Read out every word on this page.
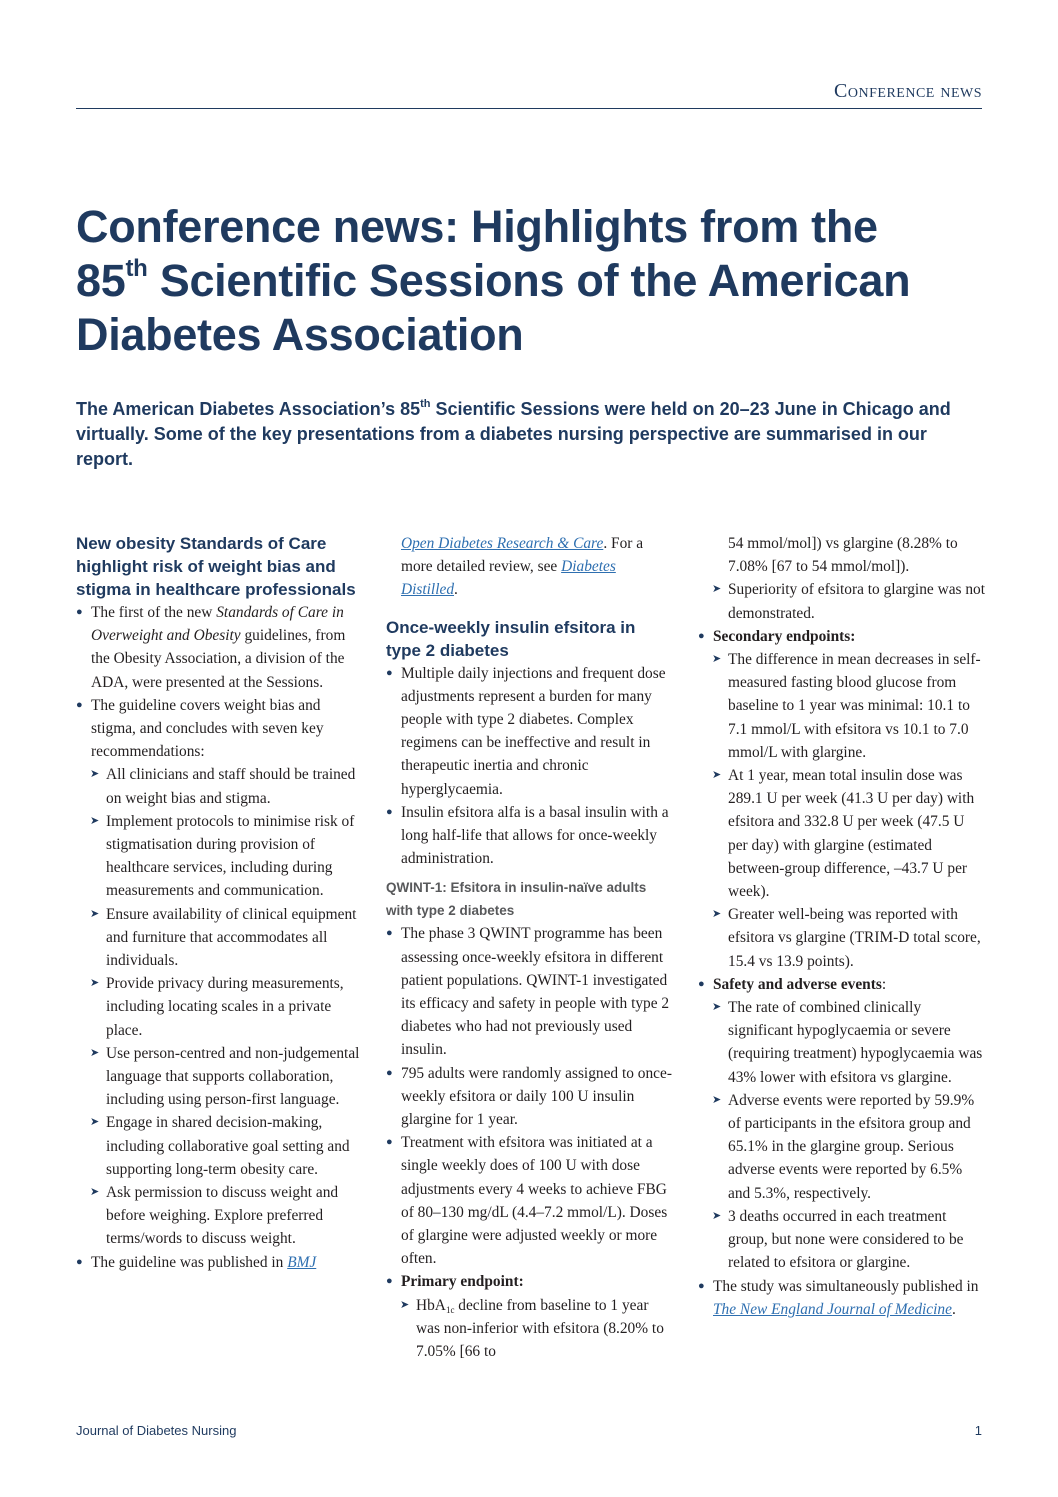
Conference news
Conference news: Highlights from the
85th Scientific Sessions of the American
Diabetes Association

The American Diabetes Association’s 85th Scientific Sessions were held on 20–23 June in Chicago and virtually. Some of the key presentations from a diabetes nursing perspective are summarised in our report.

New obesity Standards of Care highlight risk of weight bias and stigma in healthcare professionals

● The first of the new Standards of Care in Overweight and Obesity guidelines, from the Obesity Association, a division of the ADA, were presented at the Sessions.

● The guideline covers weight bias and stigma, and concludes with seven key recommendations:

➤ All clinicians and staff should be trained on weight bias and stigma.

➤ Implement protocols to minimise risk of stigmatisation during provision of healthcare services, including during measurements and communication.

➤ Ensure availability of clinical equipment and furniture that accommodates all individuals.

➤ Provide privacy during measurements, including locating scales in a private place.

➤ Use person-centred and non-judgemental language that supports collaboration, including using person-first language.

➤ Engage in shared decision-making, including collaborative goal setting and supporting long-term obesity care.

➤ Ask permission to discuss weight and before weighing. Explore preferred terms/words to discuss weight.

● The guideline was published in BMJ

Open Diabetes Research & Care. For a more detailed review, see Diabetes Distilled.

Once-weekly insulin efsitora in type 2 diabetes

● Multiple daily injections and frequent dose adjustments represent a burden for many people with type 2 diabetes. Complex regimens can be ineffective and result in therapeutic inertia and chronic hyperglycaemia.

● Insulin efsitora alfa is a basal insulin with a long half-life that allows for once-weekly administration.

QWINT-1: Efsitora in insulin-naïve adults with type 2 diabetes

● The phase 3 QWINT programme has been assessing once-weekly efsitora in different patient populations. QWINT-1 investigated its efficacy and safety in people with type 2 diabetes who had not previously used insulin.

● 795 adults were randomly assigned to once-weekly efsitora or daily 100 U insulin glargine for 1 year.

● Treatment with efsitora was initiated at a single weekly does of 100 U with dose adjustments every 4 weeks to achieve FBG of 80–130 mg/dL (4.4–7.2 mmol/L). Doses of glargine were adjusted weekly or more often.

● Primary endpoint:

➤ HbA$_{1c}$ decline from baseline to 1 year was non-inferior with efsitora (8.20% to 7.05% [66 to

54 mmol/mol]) vs glargine (8.28% to 7.08% [67 to 54 mmol/mol]).

➤ Superiority of efsitora to glargine was not demonstrated.

● Secondary endpoints:

➤ The difference in mean decreases in self-measured fasting blood glucose from baseline to 1 year was minimal: 10.1 to 7.1 mmol/L with efsitora vs 10.1 to 7.0 mmol/L with glargine.

➤ At 1 year, mean total insulin dose was 289.1 U per week (41.3 U per day) with efsitora and 332.8 U per week (47.5 U per day) with glargine (estimated between-group difference, –43.7 U per week).

➤ Greater well-being was reported with efsitora vs glargine (TRIM-D total score, 15.4 vs 13.9 points).

● Safety and adverse events:

➤ The rate of combined clinically significant hypoglycaemia or severe (requiring treatment) hypoglycaemia was 43% lower with efsitora vs glargine.

➤ Adverse events were reported by 59.9% of participants in the efsitora group and 65.1% in the glargine group. Serious adverse events were reported by 6.5% and 5.3%, respectively.

➤ 3 deaths occurred in each treatment group, but none were considered to be related to efsitora or glargine.

● The study was simultaneously published in The New England Journal of Medicine.

Journal of Diabetes Nursing	1
